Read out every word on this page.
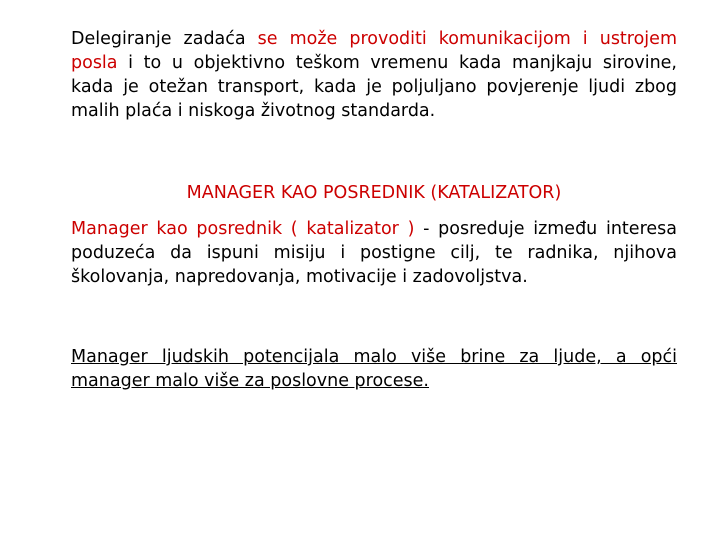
Delegiranje zadaća se može provoditi komunikacijom i ustrojem posla i to u objektivno teškom vremenu kada manjkaju sirovine, kada je otežan transport, kada je poljuljano povjerenje ljudi zbog malih plaća i niskoga životnog standarda.

MANAGER KAO POSREDNIK (KATALIZATOR)

Manager kao posrednik ( katalizator ) - posreduje između interesa poduzeća da ispuni misiju i postigne cilj, te radnika, njihova školovanja, napredovanja, motivacije i zadovoljstva.

Manager ljudskih potencijala malo više brine za ljude, a opći manager malo više za poslovne procese.
